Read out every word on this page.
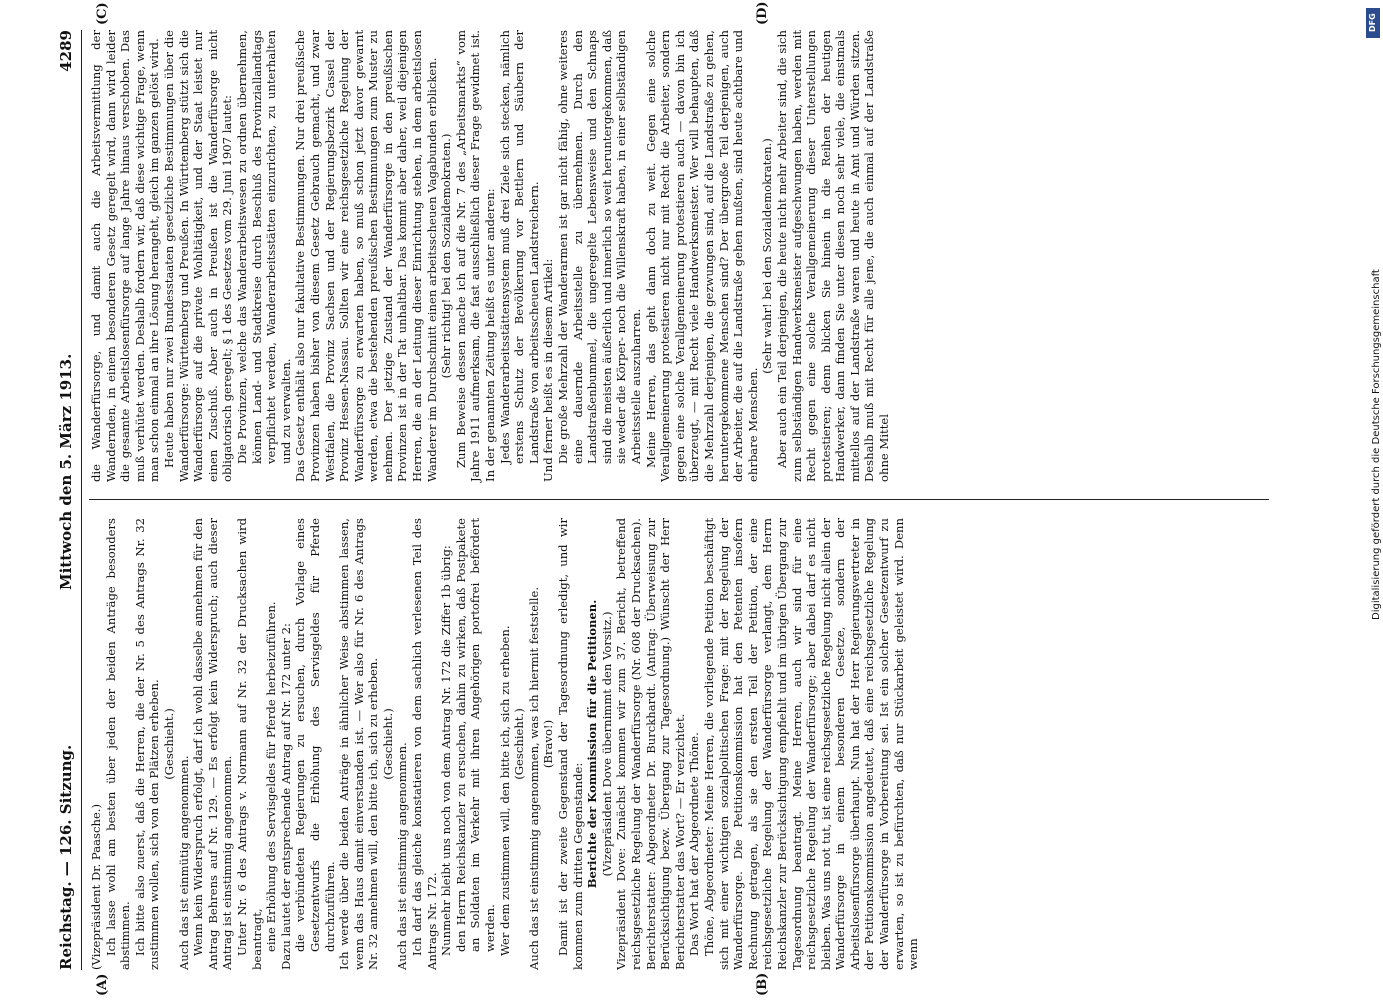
Reichstag. — 126. Sitzung.
Mittwoch den 5. März 1913.
4289
(A)	(B)
(C)	(D)

(Vizepräsident Dr. Paasche.) Ich lasse wohl am besten über jeden der beiden Anträge besonders abstimmen. Ich bitte also zuerst, daß die Herren, die der Nr. 5 des Antrags Nr. 32 zustimmen wollen, sich von den Plätzen erheben. (Geschieht.)

Auch das ist einmütig angenommen. Wenn kein Widerspruch erfolgt, darf ich wohl dasselbe annehmen für den Antrag Behrens auf Nr. 129. — Es erfolgt kein Widerspruch; auch dieser Antrag ist einstimmig angenommen. Unter Nr. 6 des Antrags v. Normann auf Nr. 32 der Drucksachen wird beantragt, eine Erhöhung des Servisgeldes für Pferde herbeizuführen. Dazu lautet der entsprechende Antrag auf Nr. 172 unter 2: die verbündeten Regierungen zu ersuchen, durch Vorlage eines Gesetzentwurfs die Erhöhung des Servisgeldes für Pferde durchzuführen. Ich werde über die beiden Anträge in ähnlicher Weise abstimmen lassen, wenn das Haus damit einverstanden ist. — Wer also für Nr. 6 des Antrags Nr. 32 annehmen will, den bitte ich, sich zu erheben. (Geschieht.) Auch das ist einstimmig angenommen. Ich darf das gleiche konstatieren von dem sachlich verlesenen Teil des Antrags Nr. 172. Nunmehr bleibt uns noch von dem Antrag Nr. 172 die Ziffer 1b übrig: den Herrn Reichskanzler zu ersuchen, dahin zu wirken, daß Postpakete an Soldaten im Verkehr mit ihren Angehörigen portofrei befördert werden. Wer dem zustimmen will, den bitte ich, sich zu erheben. (Geschieht.) Auch das ist einstimmig angenommen, was ich hiermit feststelle. (Bravo!) Damit ist der zweite Gegenstand der Tagesordnung erledigt, und wir kommen zum dritten Gegenstande: Berichte der Kommission für die Petitionen. (Vizepräsident Dove übernimmt den Vorsitz.) Vizepräsident Dove: Zunächst kommen wir zum 37. Bericht, betreffend reichsgesetzliche Regelung der Wanderfürsorge (Nr. 608 der Drucksachen). Berichterstatter: Abgeordneter Dr. Burckhardt. (Antrag: Überweisung zur Berücksichtigung bezw. Übergang zur Tagesordnung.) Wünscht der Herr Berichterstatter das Wort? — Er verzichtet. Das Wort hat der Abgeordnete Thöne. Thöne, Abgeordneter: Meine Herren, die vorliegende Petition beschäftigt sich mit einer wichtigen sozialpolitischen Frage: mit der Regelung der Wanderfürsorge. Die Petitionskommission hat den Petenten insofern Rechnung getragen, als sie den ersten Teil der Petition, der eine reichsgesetzliche Regelung der Wanderfürsorge verlangt, dem Herrn Reichskanzler zur Berücksichtigung empfiehlt und im übrigen Übergang zur Tagesordnung beantragt. Meine Herren, auch wir sind für eine reichsgesetzliche Regelung der Wanderfürsorge; aber dabei darf es nicht bleiben. Was uns not tut, ist eine reichsgesetzliche Regelung nicht allein der Wanderfürsorge in einem besonderen Gesetze, sondern der Arbeitslosenfürsorge überhaupt. Nun hat der Herr Regierungsvertreter in der Petitionskommission angedeutet, daß eine reichsgesetzliche Regelung der Wanderfürsorge in Vorbereitung sei. Ist ein solcher Gesetzentwurf zu erwarten, so ist zu befürchten, daß nur Stückarbeit geleistet wird. Denn wenn

die Wanderfürsorge, und damit auch die Arbeitsvermittlung der Wandernden, in einem besonderen Gesetz geregelt wird, dann wird leider die gesamte Arbeitslosenfürsorge auf lange Jahre hinaus verschoben. Das muß verhütet werden. Deshalb fordern wir, daß diese wichtige Frage, wenn man schon einmal an ihre Lösung herangeht, gleich im ganzen gelöst wird. Heute haben nur zwei Bundesstaaten gesetzliche Bestimmungen über die Wanderfürsorge: Württemberg und Preußen. In Württemberg stützt sich die Wanderfürsorge auf die private Wohltätigkeit, und der Staat leistet nur einen Zuschuß. Aber auch in Preußen ist die Wanderfürsorge nicht obligatorisch geregelt; § 1 des Gesetzes vom 29. Juni 1907 lautet: Die Provinzen, welche das Wanderarbeitswesen zu ordnen übernehmen, können Land- und Stadtkreise durch Beschluß des Provinziallandtags verpflichtet werden, Wanderarbeitsstätten einzurichten, zu unterhalten und zu verwalten. Das Gesetz enthält also nur fakultative Bestimmungen. Nur drei preußische Provinzen haben bisher von diesem Gesetz Gebrauch gemacht, und zwar Westfalen, die Provinz Sachsen und der Regierungsbezirk Cassel der Provinz Hessen-Nassau. Sollten wir eine reichsgesetzliche Regelung der Wanderfürsorge zu erwarten haben, so muß schon jetzt davor gewarnt werden, etwa die bestehenden preußischen Bestimmungen zum Muster zu nehmen. Der jetzige Zustand der Wanderfürsorge in den preußischen Provinzen ist in der Tat unhaltbar. Das kommt aber daher, weil diejenigen Herren, die an der Leitung dieser Einrichtung stehen, in dem arbeitslosen Wanderer im Durchschnitt einen arbeitsscheuen Vagabunden erblicken. (Sehr richtig! bei den Sozialdemokraten.) Zum Beweise dessen mache ich auf die Nr. 7 des „Arbeitsmarkts“ vom Jahre 1911 aufmerksam, die fast ausschließlich dieser Frage gewidmet ist. In der genannten Zeitung heißt es unter anderen: Jedes Wanderarbeitsstättensystem muß drei Ziele sich stecken, nämlich erstens Schutz der Bevölkerung vor Bettlern und Säubern der Landstraße von arbeitsscheuen Landstreichern. Und ferner heißt es in diesem Artikel: Die große Mehrzahl der Wanderarmen ist gar nicht fähig, ohne weiteres eine dauernde Arbeitsstelle zu übernehmen. Durch den Landstraßenbummel, die ungeregelte Lebensweise und den Schnaps sind die meisten äußerlich und innerlich so weit heruntergekommen, daß sie weder die Körper- noch die Willenskraft haben, in einer selbständigen Arbeitsstelle auszuharren. Meine Herren, das geht dann doch zu weit. Gegen eine solche Verallgemeinerung protestieren nicht nur mit Recht die Arbeiter, sondern gegen eine solche Verallgemeinerung protestieren auch — davon bin ich überzeugt, — mit Recht viele Handwerksmeister. Wer will behaupten, daß die Mehrzahl derjenigen, die gezwungen sind, auf die Landstraße zu gehen, heruntergekommene Menschen sind? Der übergroße Teil derjenigen, auch der Arbeiter, die auf die Landstraße gehen mußten, sind heute achtbare und ehrbare Menschen.

(Sehr wahr! bei den Sozialdemokraten.) Aber auch ein Teil derjenigen, die heute nicht mehr Arbeiter sind, die sich zum selbständigen Handwerksmeister aufgeschwungen haben, werden mit Recht gegen eine solche Verallgemeinerung dieser Unterstellungen protestieren; denn blicken Sie hinein in die Reihen der heutigen Handwerker, dann finden Sie unter diesen noch sehr viele, die einstmals mittellos auf der Landstraße waren und heute in Amt und Würden sitzen. Deshalb muß mit Recht für alle jene, die auch einmal auf der Landstraße ohne Mittel

DFG
Digitalisierung gefördert durch die Deutsche Forschungsgemeinschaft
